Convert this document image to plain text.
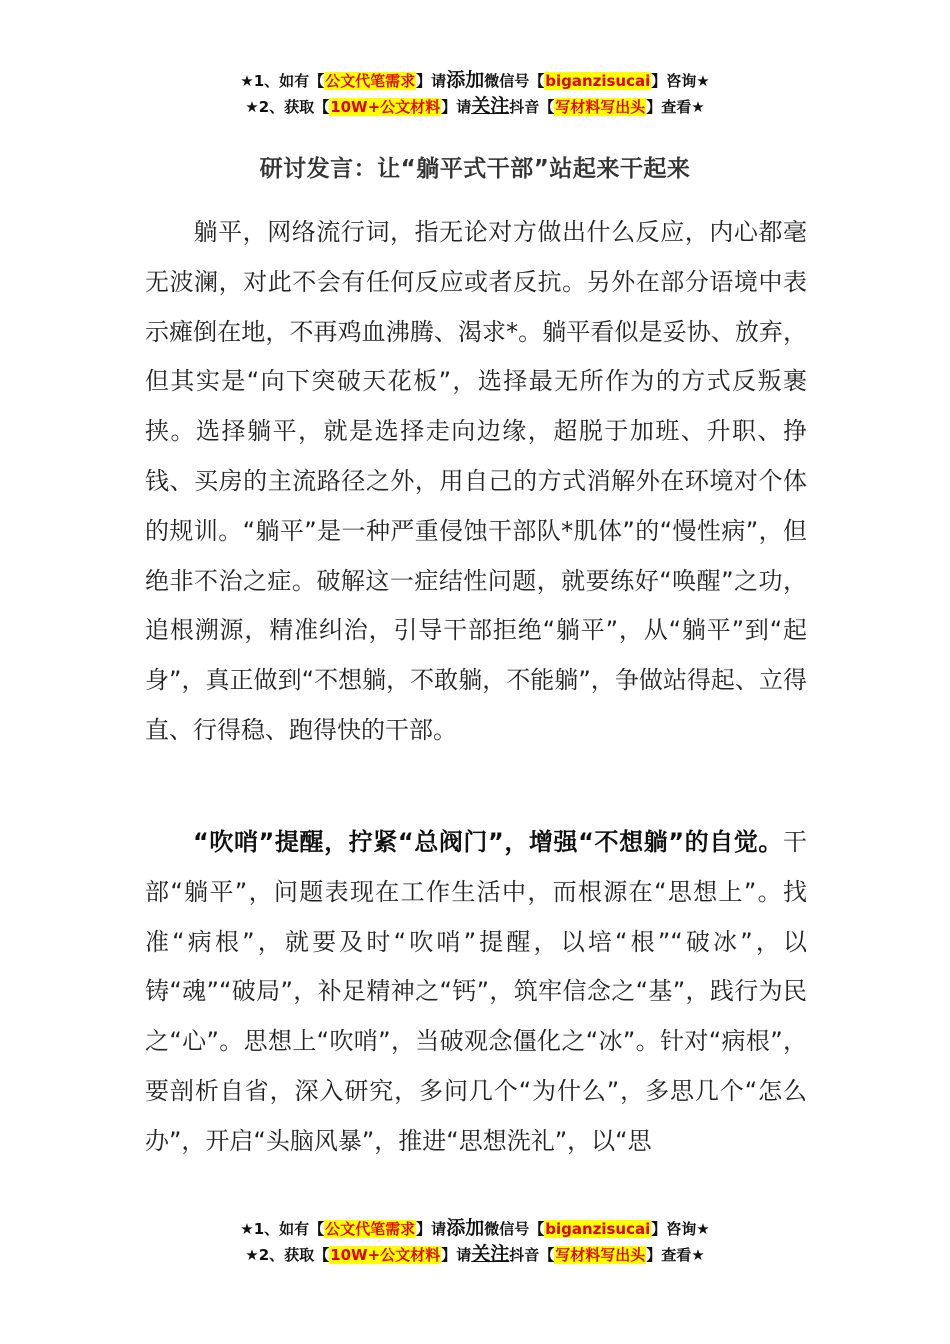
★1、如有【公文代笔需求】请添加微信号【biganzisucai】咨询★
★2、获取【10W+公文材料】请关注抖音【写材料写出头】查看★
研讨发言：让“躺平式干部”站起来干起来
躺平，网络流行词，指无论对方做出什么反应，内心都毫无波澜，对此不会有任何反应或者反抗。另外在部分语境中表示瘫倒在地，不再鸡血沸腾、渴求*。躺平看似是妥协、放弃，但其实是“向下突破天花板”，选择最无所作为的方式反叛裹挟。选择躺平，就是选择走向边缘，超脱于加班、升职、挣钱、买房的主流路径之外，用自己的方式消解外在环境对个体的规训。“躺平”是一种严重侵蚀干部队*肌体”的“慢性病”，但绝非不治之症。破解这一症结性问题，就要练好“唤醒”之功，追根溯源，精准纠治，引导干部拒绝“躺平”，从“躺平”到“起身”，真正做到“不想躺，不敢躺，不能躺”，争做站得起、立得直、行得稳、跑得快的干部。
“吹哨”提醒，拧紧“总阀门”，增强“不想躺”的自觉。干部“躺平”，问题表现在工作生活中，而根源在“思想上”。找准“病根”，就要及时“吹哨”提醒，以培“根”“破冰”，以铸“魂”“破局”，补足精神之“钙”，筑牢信念之“基”，践行为民之“心”。思想上“吹哨”，当破观念僵化之“冰”。针对“病根”，要剖析自省，深入研究，多问几个“为什么”，多思几个“怎么办”，开启“头脑风暴”，推进“思想洗礼”，以“思
★1、如有【公文代笔需求】请添加微信号【biganzisucai】咨询★
★2、获取【10W+公文材料】请关注抖音【写材料写出头】查看★
